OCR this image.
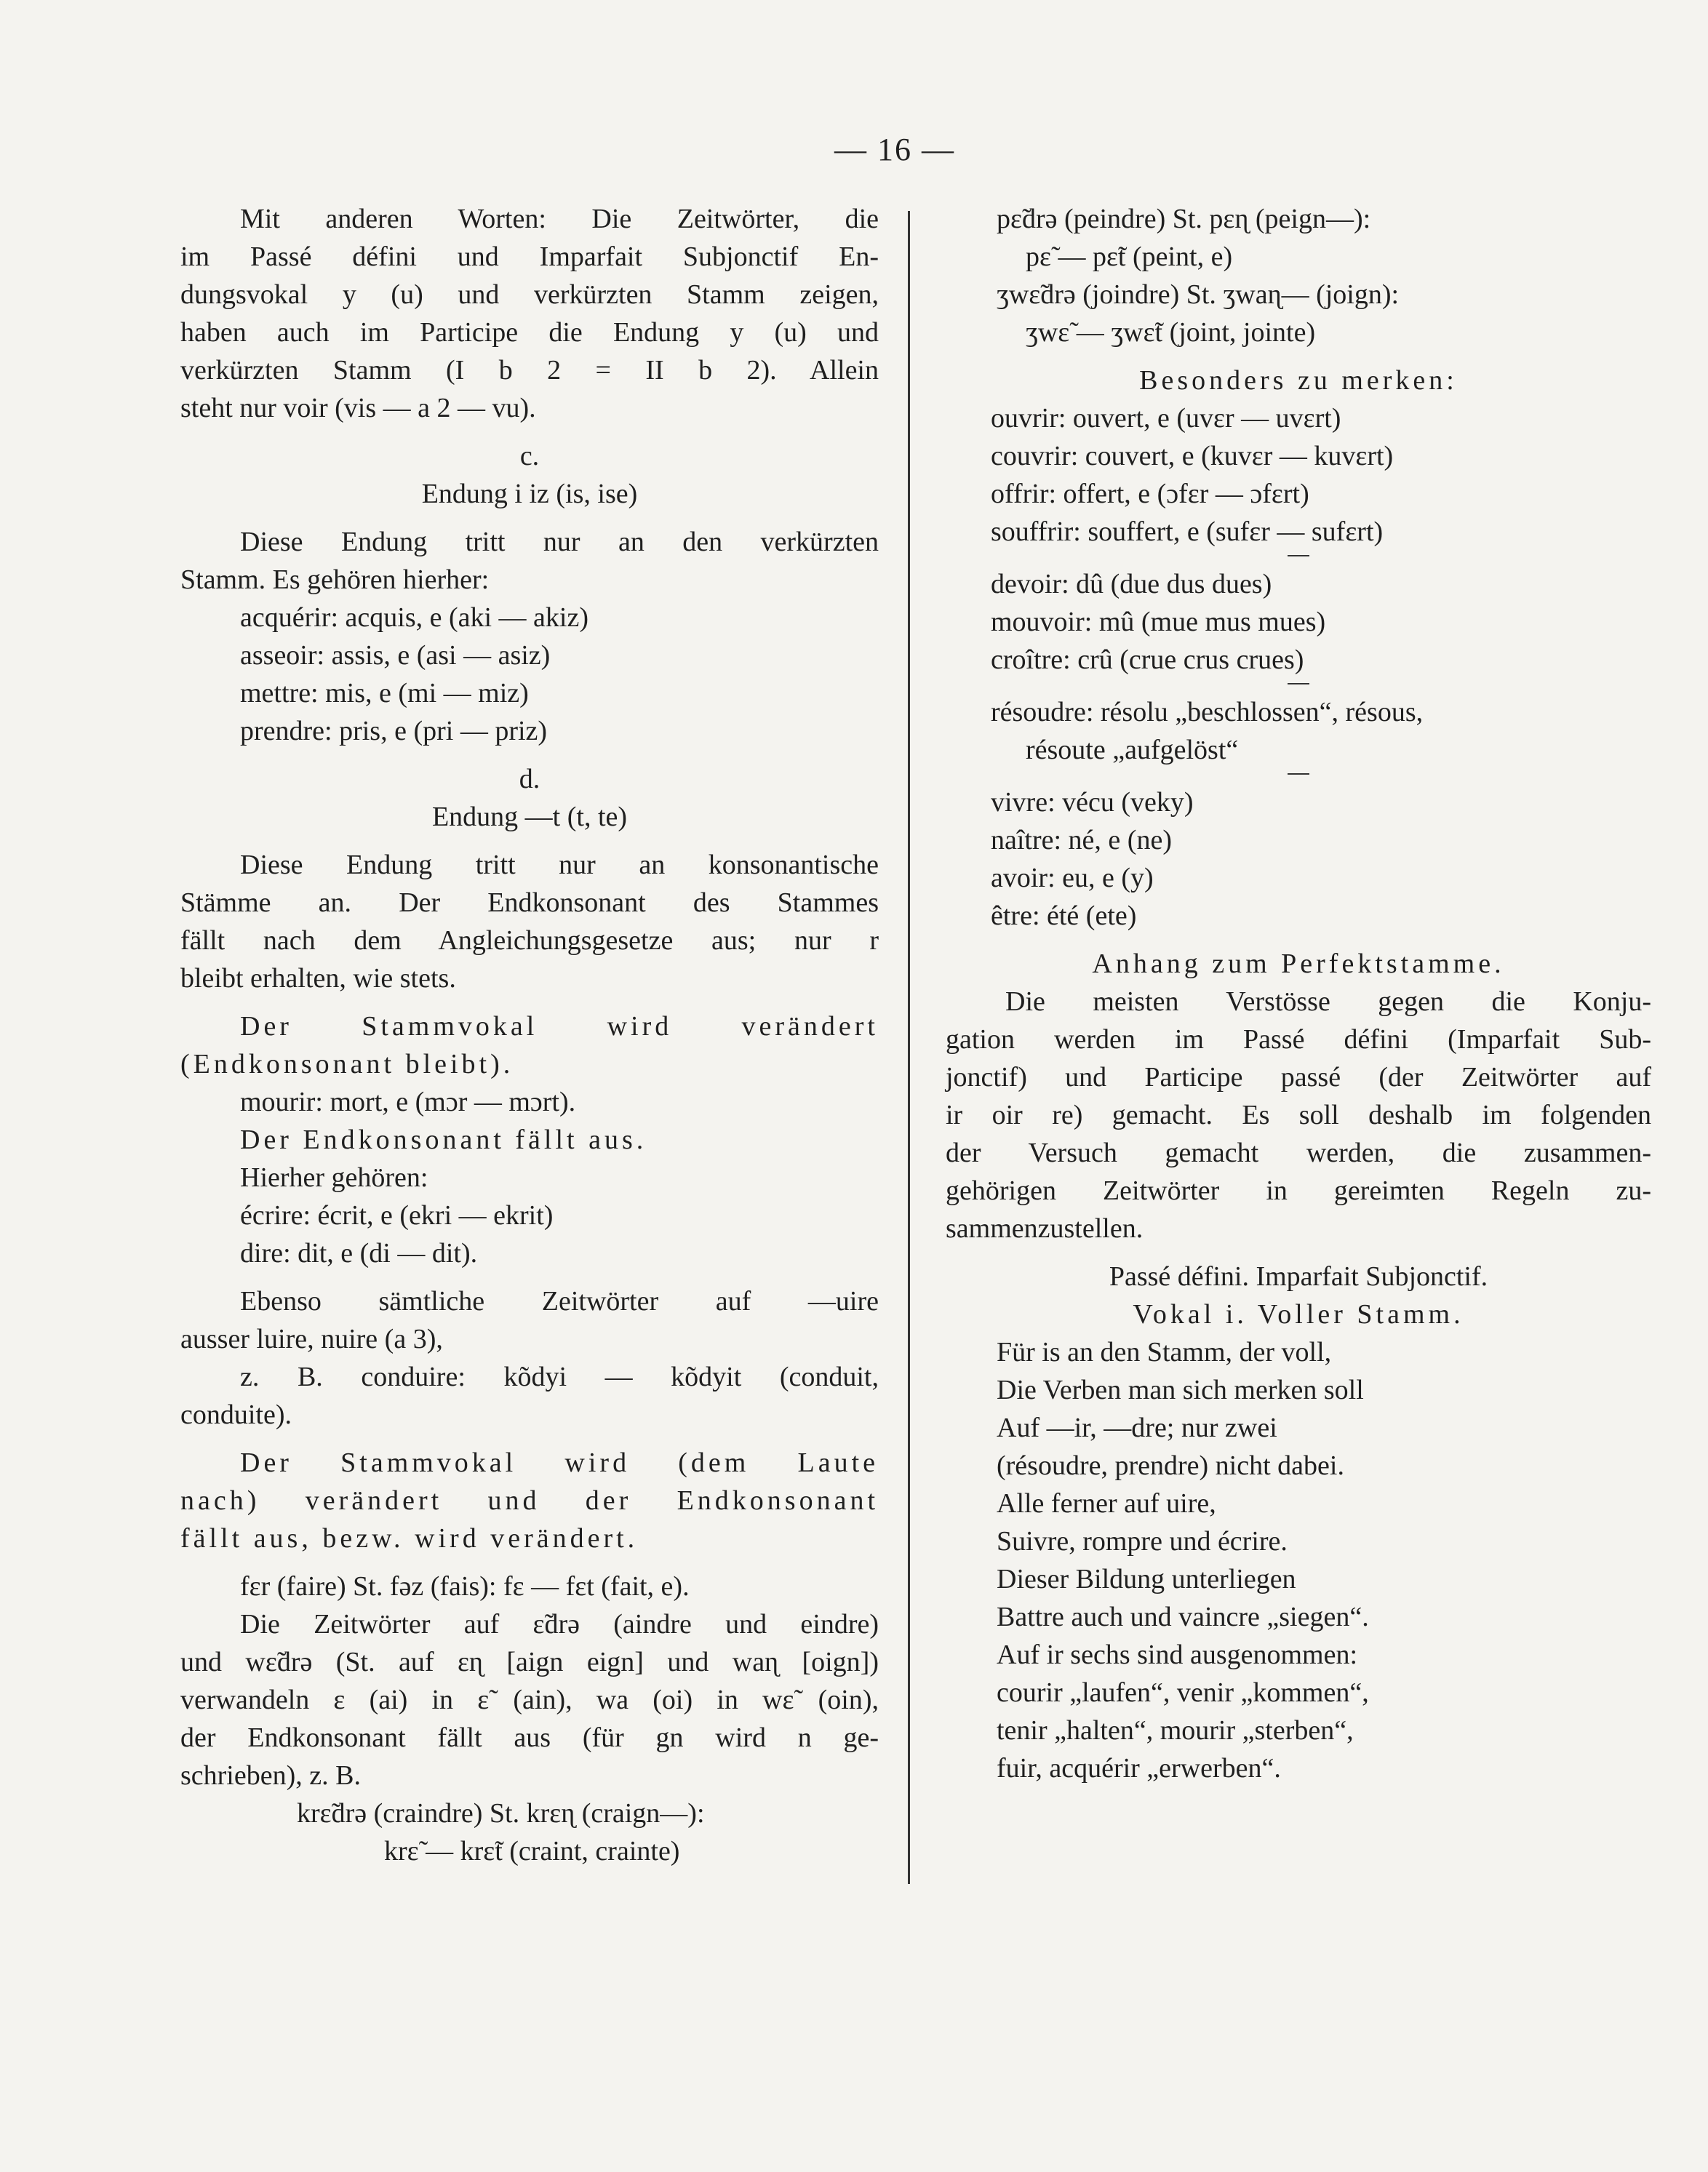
— 16 —

Mit anderen Worten: Die Zeitwörter, die

im Passé défini und Imparfait Subjonctif En-

dungsvokal y (u) und verkürzten Stamm zeigen,

haben auch im Participe die Endung y (u) und

verkürzten Stamm (I b 2 = II b 2). Allein

steht nur voir (vis — a 2 — vu).

c.

Endung i iz (is, ise)

Diese Endung tritt nur an den verkürzten

Stamm. Es gehören hierher:

acquérir: acquis, e (aki — akiz)

asseoir: assis, e (asi — asiz)

mettre: mis, e (mi — miz)

prendre: pris, e (pri — priz)

d.

Endung —t (t, te)

Diese Endung tritt nur an konsonantische

Stämme an. Der Endkonsonant des Stammes

fällt nach dem Angleichungsgesetze aus; nur r

bleibt erhalten, wie stets.

Der Stammvokal wird verändert

(Endkonsonant bleibt).

mourir: mort, e (mɔr — mɔrt).

Der Endkonsonant fällt aus.

Hierher gehören:

écrire: écrit, e (ekri — ekrit)

dire: dit, e (di — dit).

Ebenso sämtliche Zeitwörter auf —uire

ausser luire, nuire (a 3),

z. B. conduire: kõdyi — kõdyit (conduit,

conduite).

Der Stammvokal wird (dem Laute

nach) verändert und der Endkonsonant

fällt aus, bezw. wird verändert.

fɛr (faire) St. fəz (fais): fɛ — fɛt (fait, e).

Die Zeitwörter auf ɛ̃drə (aindre und eindre)

und wɛ̃drə (St. auf ɛɳ [aign eign] und waɳ [oign])

verwandeln ɛ (ai) in ɛ̃ (ain), wa (oi) in wɛ̃ (oin),

der Endkonsonant fällt aus (für gn wird n ge-

schrieben), z. B.

krɛ̃drə (craindre) St. krɛɳ (craign—):

krɛ̃ — krɛ̃t (craint, crainte)

pɛ̃drə (peindre) St. pɛɳ (peign—):

pɛ̃ — pɛ̃t (peint, e)

ʒwɛ̃drə (joindre) St. ʒwaɳ— (joign):

ʒwɛ̃ — ʒwɛ̃t (joint, jointe)

Besonders zu merken:

ouvrir: ouvert, e (uvɛr — uvɛrt)

couvrir: couvert, e (kuvɛr — kuvɛrt)

offrir: offert, e (ɔfɛr — ɔfɛrt)

souffrir: souffert, e (sufɛr — sufɛrt)

devoir: dû (due dus dues)

mouvoir: mû (mue mus mues)

croître: crû (crue crus crues)

résoudre: résolu „beschlossen“, résous,

résoute „aufgelöst“

vivre: vécu (veky)

naître: né, e (ne)

avoir: eu, e (y)

être: été (ete)

Anhang zum Perfektstamme.

Die meisten Verstösse gegen die Konju-

gation werden im Passé défini (Imparfait Sub-

jonctif) und Participe passé (der Zeitwörter auf

ir oir re) gemacht. Es soll deshalb im folgenden

der Versuch gemacht werden, die zusammen-

gehörigen Zeitwörter in gereimten Regeln zu-

sammenzustellen.

Passé défini. Imparfait Subjonctif.

Vokal i. Voller Stamm.

Für is an den Stamm, der voll,

Die Verben man sich merken soll

Auf —ir, —dre; nur zwei

(résoudre, prendre) nicht dabei.

Alle ferner auf uire,

Suivre, rompre und écrire.

Dieser Bildung unterliegen

Battre auch und vaincre „siegen“.

Auf ir sechs sind ausgenommen:

courir „laufen“, venir „kommen“,

tenir „halten“, mourir „sterben“,

fuir, acquérir „erwerben“.
